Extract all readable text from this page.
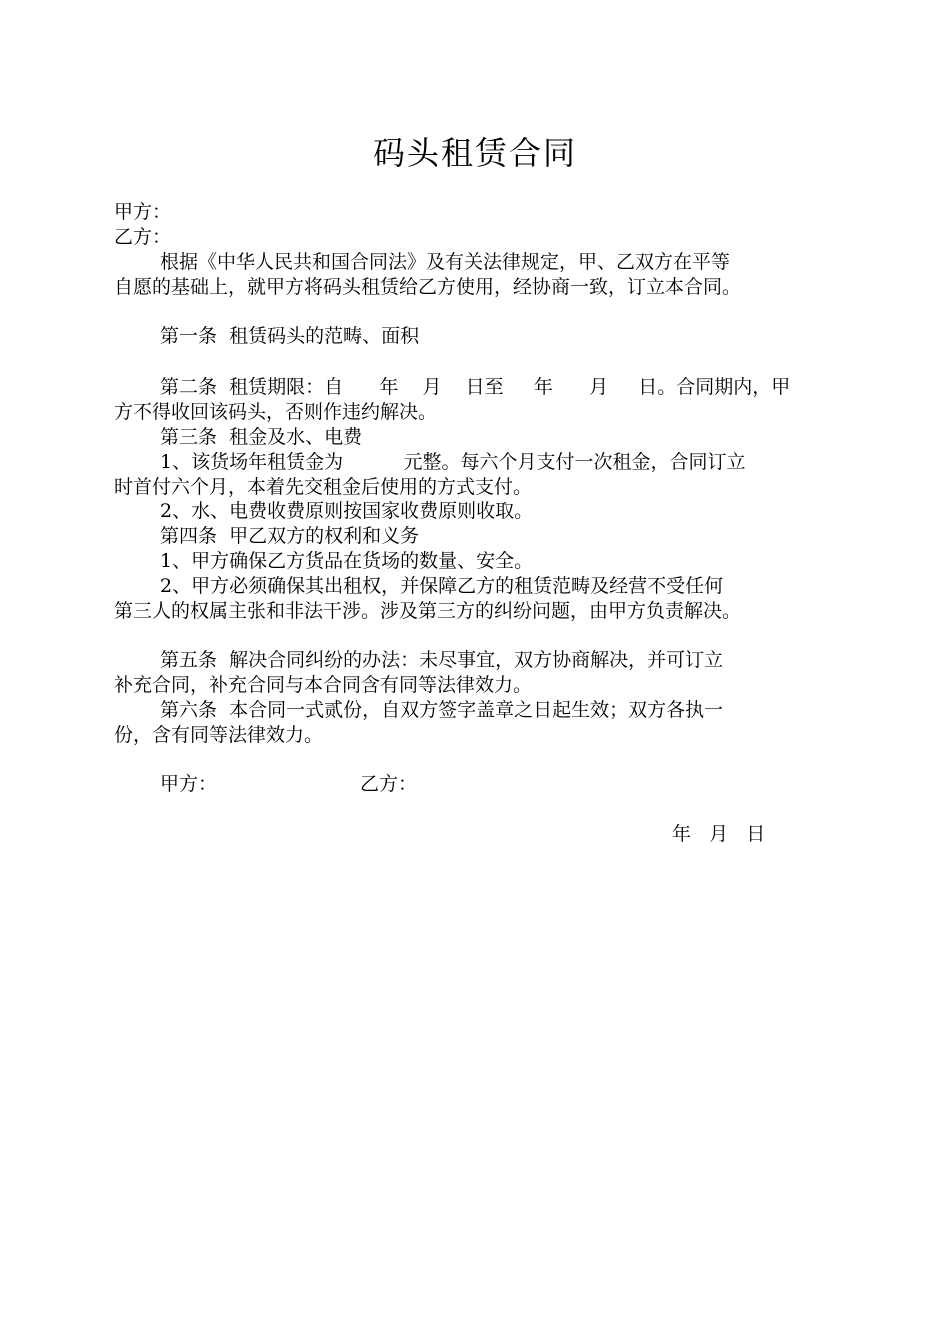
码头租赁合同

甲方：

乙方：

根据《中华人民共和国合同法》及有关法律规定，甲、乙双方在平等

自愿的基础上，就甲方将码头租赁给乙方使用，经协商一致，订立本合同。

第一条  租赁码头的范畴、面积

第二条  租赁期限：自      年    月    日至     年      月     日。合同期内，甲

方不得收回该码头，否则作违约解决。

第三条  租金及水、电费

1、该货场年租赁金为          元整。每六个月支付一次租金，合同订立

时首付六个月，本着先交租金后使用的方式支付。

2、水、电费收费原则按国家收费原则收取。

第四条  甲乙双方的权利和义务

1、甲方确保乙方货品在货场的数量、安全。

2、甲方必须确保其出租权，并保障乙方的租赁范畴及经营不受任何

第三人的权属主张和非法干涉。涉及第三方的纠纷问题，由甲方负责解决。

第五条  解决合同纠纷的办法：未尽事宜，双方协商解决，并可订立

补充合同，补充合同与本合同含有同等法律效力。

第六条  本合同一式贰份，自双方签字盖章之日起生效；双方各执一

份，含有同等法律效力。

甲方：	乙方：

年   月   日
